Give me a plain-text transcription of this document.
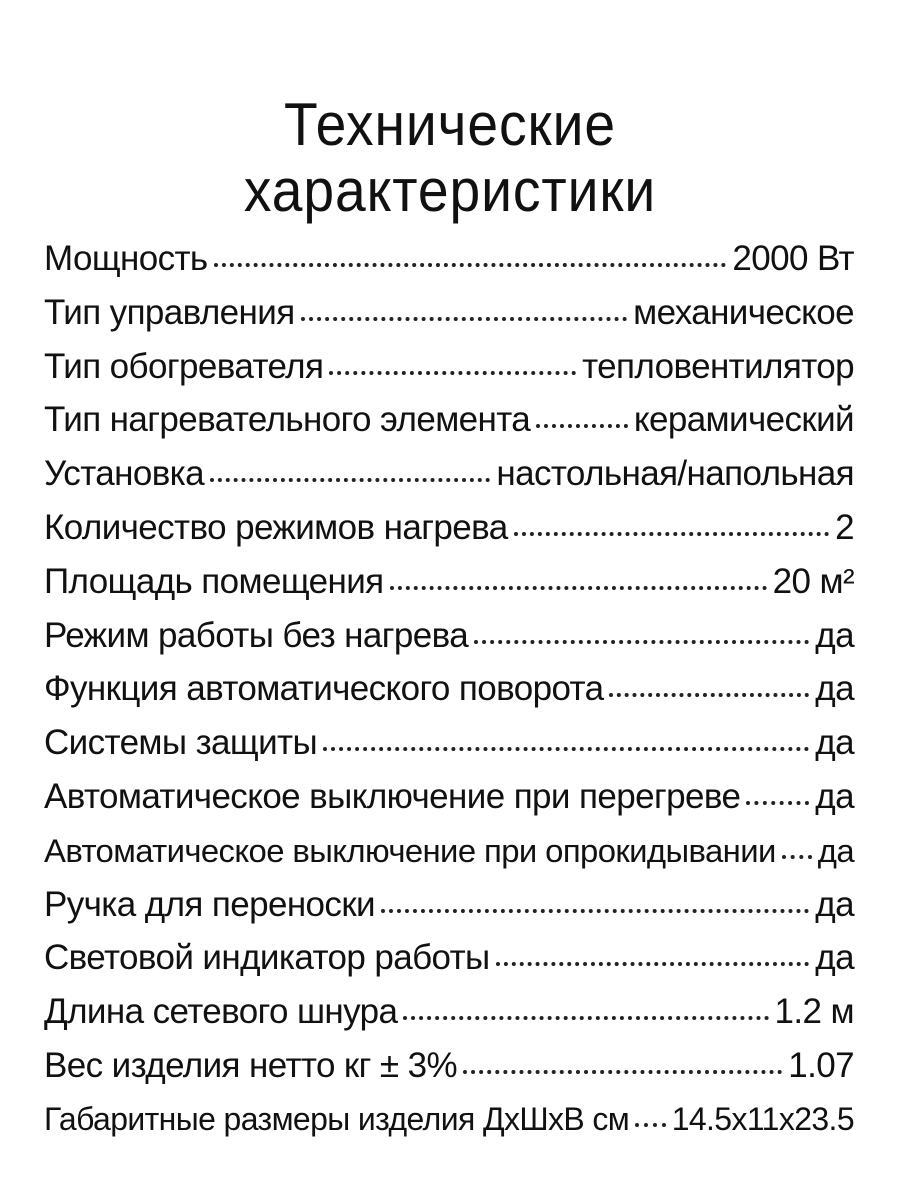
Технические
характеристики
Мощность	2000 Вт
Тип управления	механическое
Тип обогревателя	тепловентилятор
Тип нагревательного элемента	керамический
Установка	настольная/напольная
Количество режимов нагрева	2
Площадь помещения	20 м²
Режим работы без нагрева	да
Функция автоматического поворота	да
Системы защиты	да
Автоматическое выключение при перегреве да
Автоматическое выключение при опрокидывании да
Ручка для переноски	да
Световой индикатор работы	да
Длина сетевого шнура	1.2 м
Вес изделия нетто кг ± 3%	1.07
Габаритные размеры изделия ДхШхВ см 14.5х11х23.5
